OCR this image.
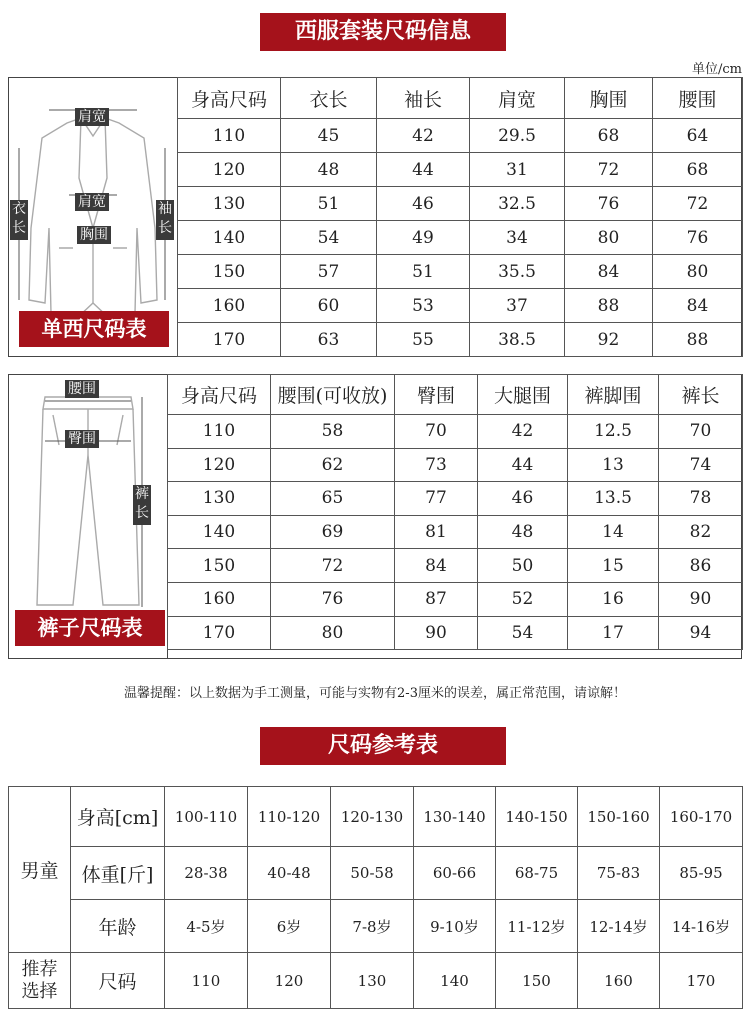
西服套装尺码信息
单位/cm
肩宽
肩宽
胸围
衣长
袖长
单西尺码表
身高尺码	衣长	袖长	肩宽	胸围	腰围
110	45	42	29.5	68	64
120	48	44	31	72	68
130	51	46	32.5	76	72
140	54	49	34	80	76
150	57	51	35.5	84	80
160	60	53	37	88	84
170	63	55	38.5	92	88
腰围
臀围
裤长
裤子尺码表
身高尺码	腰围(可收放)	臀围	大腿围	裤脚围	裤长
110	58	70	42	12.5	70
120	62	73	44	13	74
130	65	77	46	13.5	78
140	69	81	48	14	82
150	72	84	50	15	86
160	76	87	52	16	90
170	80	90	54	17	94
温馨提醒：以上数据为手工测量，可能与实物有2-3厘米的误差，属正常范围，请谅解！
尺码参考表
男童	身高[cm]	100-110	110-120	120-130	130-140	140-150	150-160	160-170
	体重[斤]	28-38	40-48	50-58	60-66	68-75	75-83	85-95
	年龄	4-5岁	6岁	7-8岁	9-10岁	11-12岁	12-14岁	14-16岁
推荐选择	尺码	110	120	130	140	150	160	170
